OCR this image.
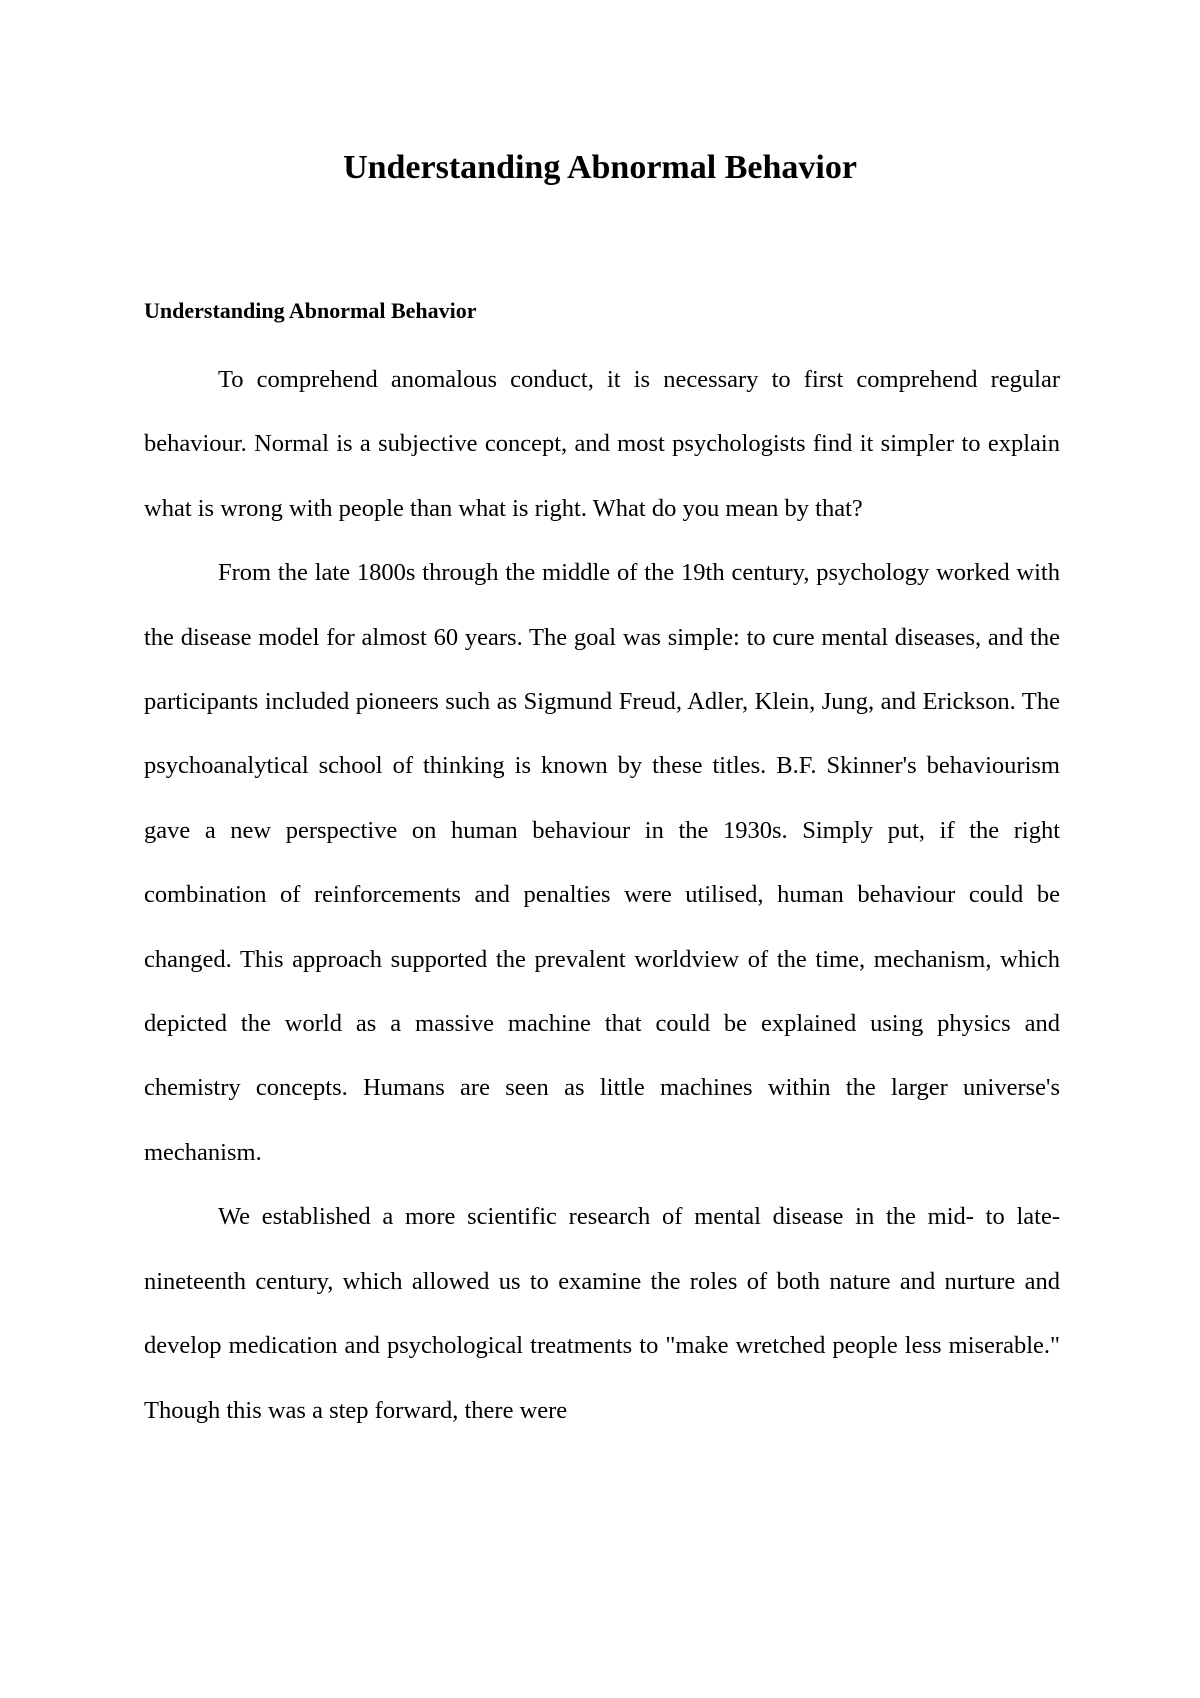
Understanding Abnormal Behavior

Understanding Abnormal Behavior

To comprehend anomalous conduct, it is necessary to first comprehend regular behaviour. Normal is a subjective concept, and most psychologists find it simpler to explain what is wrong with people than what is right. What do you mean by that?

From the late 1800s through the middle of the 19th century, psychology worked with the disease model for almost 60 years. The goal was simple: to cure mental diseases, and the participants included pioneers such as Sigmund Freud, Adler, Klein, Jung, and Erickson. The psychoanalytical school of thinking is known by these titles. B.F. Skinner's behaviourism gave a new perspective on human behaviour in the 1930s. Simply put, if the right combination of reinforcements and penalties were utilised, human behaviour could be changed. This approach supported the prevalent worldview of the time, mechanism, which depicted the world as a massive machine that could be explained using physics and chemistry concepts. Humans are seen as little machines within the larger universe's mechanism.

We established a more scientific research of mental disease in the mid- to late-nineteenth century, which allowed us to examine the roles of both nature and nurture and develop medication and psychological treatments to "make wretched people less miserable." Though this was a step forward, there were
